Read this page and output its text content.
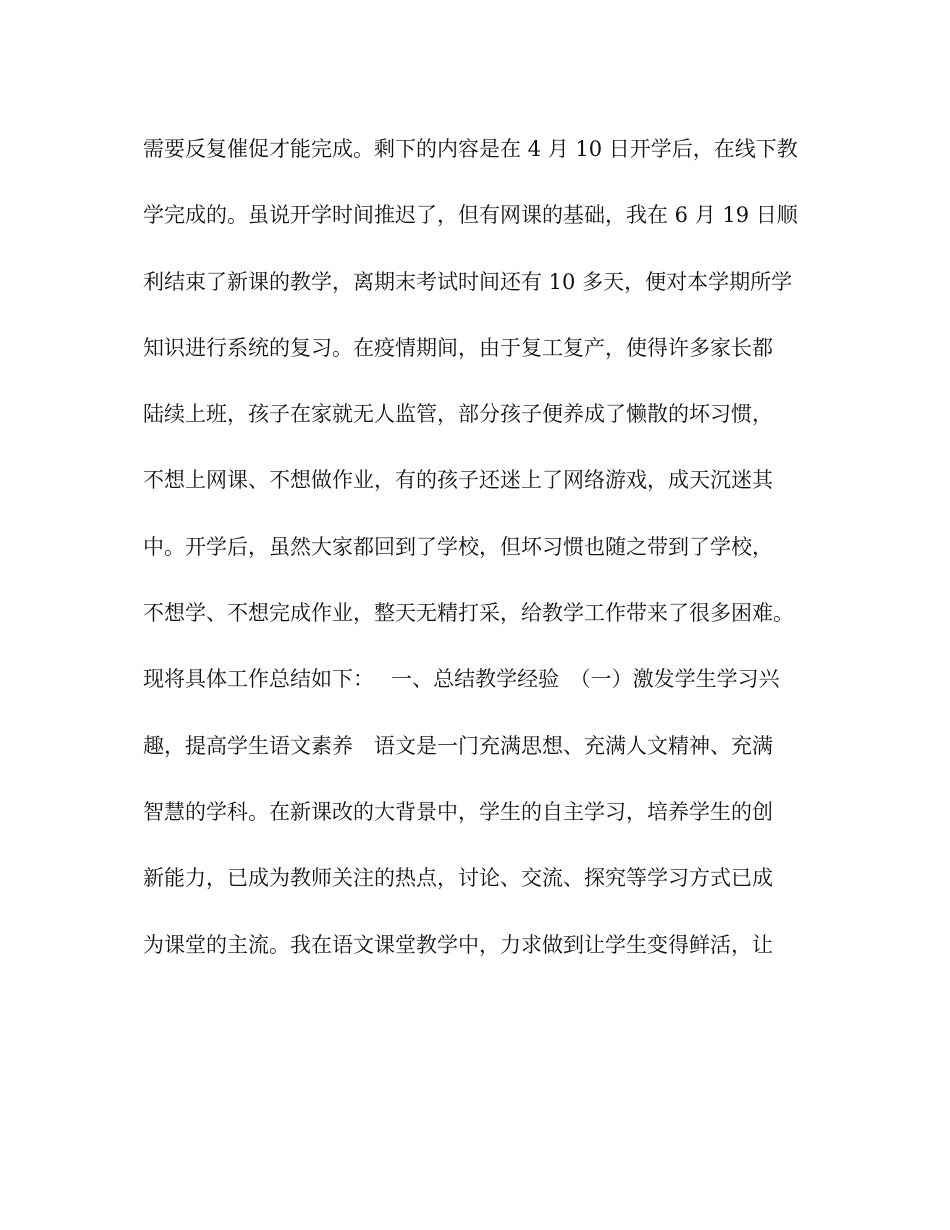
需要反复催促才能完成。剩下的内容是在 4 月 10 日开学后，在线下教
学完成的。虽说开学时间推迟了，但有网课的基础，我在 6 月 19 日顺
利结束了新课的教学，离期末考试时间还有 10 多天，便对本学期所学
知识进行系统的复习。在疫情期间，由于复工复产，使得许多家长都
陆续上班，孩子在家就无人监管，部分孩子便养成了懒散的坏习惯，
不想上网课、不想做作业，有的孩子还迷上了网络游戏，成天沉迷其
中。开学后，虽然大家都回到了学校，但坏习惯也随之带到了学校，
不想学、不想完成作业，整天无精打采，给教学工作带来了很多困难。
现将具体工作总结如下：　 一、总结教学经验　（一）激发学生学习兴
趣，提高学生语文素养　语文是一门充满思想、充满人文精神、充满
智慧的学科。在新课改的大背景中，学生的自主学习，培养学生的创
新能力，已成为教师关注的热点，讨论、交流、探究等学习方式已成
为课堂的主流。我在语文课堂教学中，力求做到让学生变得鲜活，让
